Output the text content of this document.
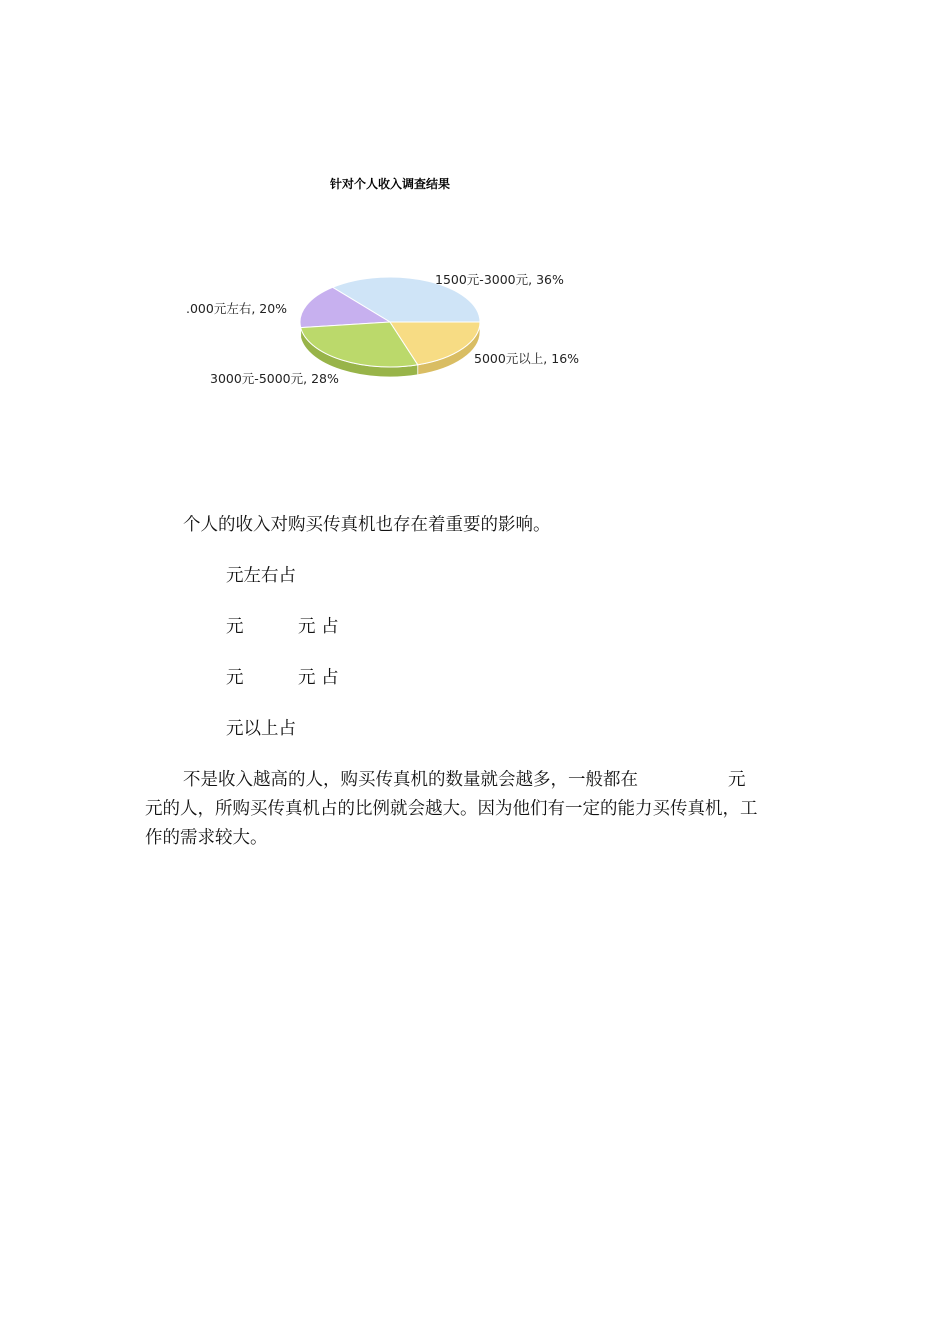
针对个人收入调查结果
1500元-3000元, 36%
5000元以上, 16%
3000元-5000元, 28%
.000元左右, 20%
个人的收入对购买传真机也存在着重要的影响。
元左右占
元	元 占
元	元 占
元以上占
不是收入越高的人，购买传真机的数量就会越多，一般都在	元
元的人，所购买传真机占的比例就会越大。因为他们有一定的能力买传真机，工
作的需求较大。
